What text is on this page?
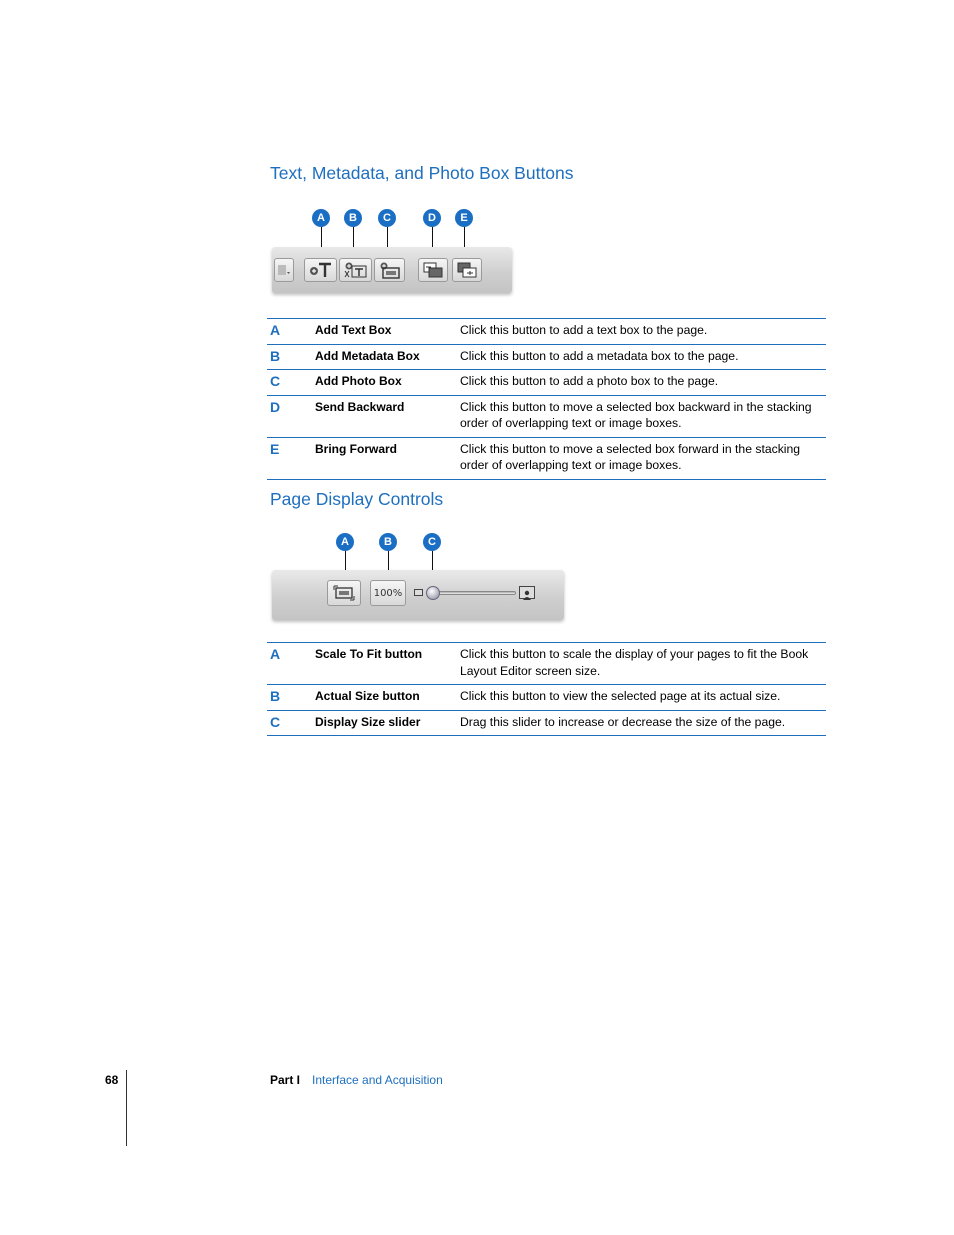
Text, Metadata, and Photo Box Buttons
A	B	C	D	E
A	Add Text Box	Click this button to add a text box to the page.
B	Add Metadata Box	Click this button to add a metadata box to the page.
C	Add Photo Box	Click this button to add a photo box to the page.
D	Send Backward	Click this button to move a selected box backward in the stacking order of overlapping text or image boxes.
E	Bring Forward	Click this button to move a selected box forward in the stacking order of overlapping text or image boxes.
Page Display Controls
A	B	C
100%
A	Scale To Fit button	Click this button to scale the display of your pages to fit the Book Layout Editor screen size.
B	Actual Size button	Click this button to view the selected page at its actual size.
C	Display Size slider	Drag this slider to increase or decrease the size of the page.
68	Part I Interface and Acquisition
